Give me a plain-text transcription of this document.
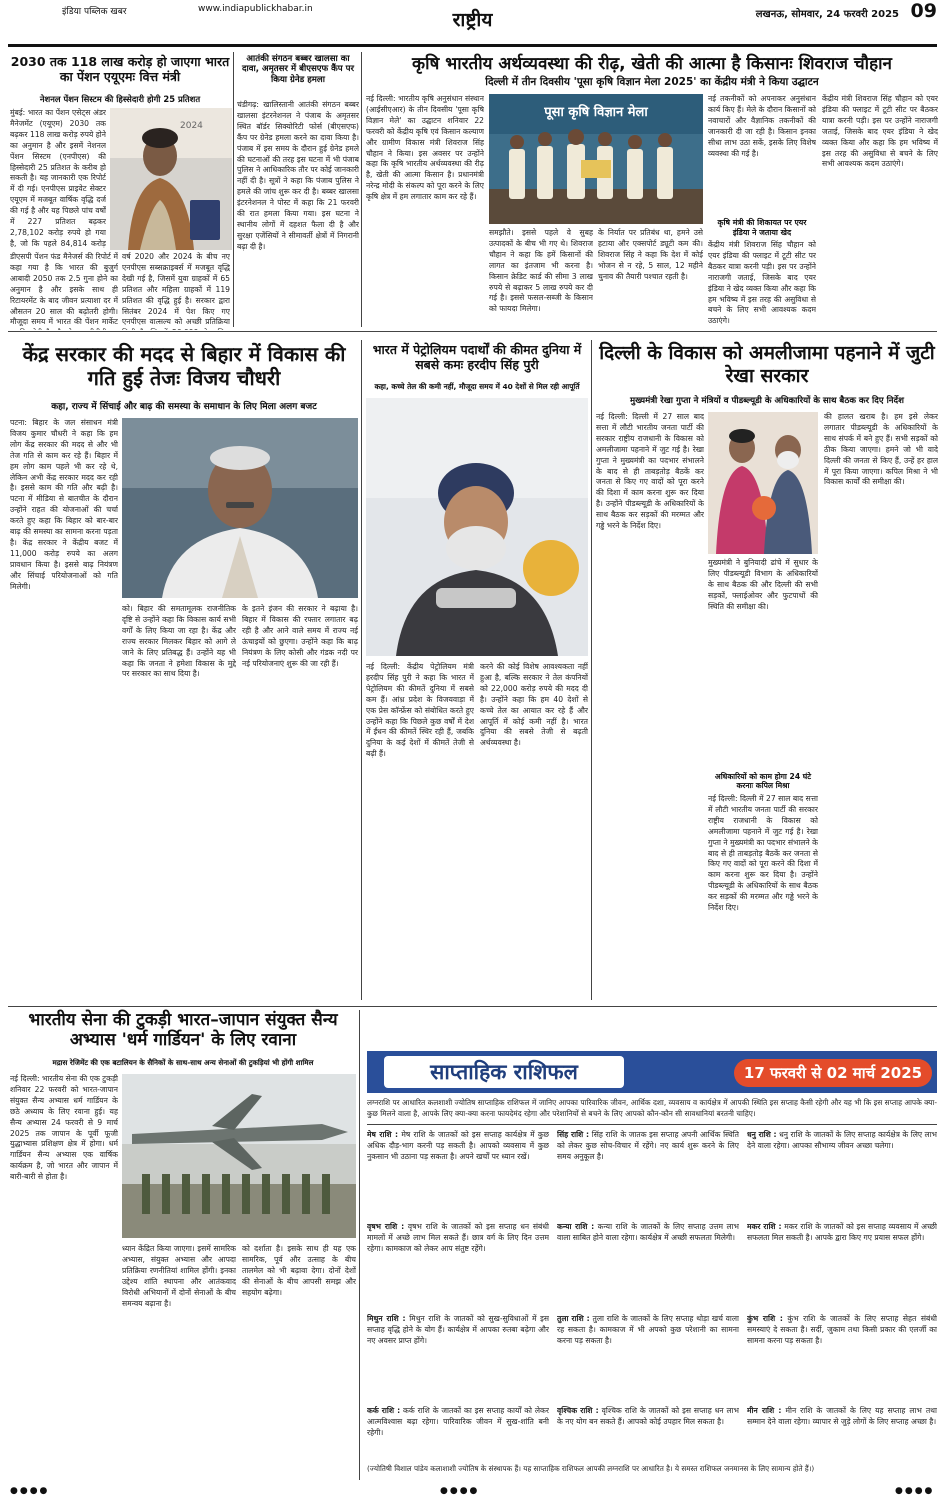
इंडिया पब्लिक खबर	www.indiapublickhabar.in	राष्ट्रीय	लखनऊ, सोमवार, 24 फरवरी 2025 09
2030 तक 118 लाख करोड़ हो जाएगा भारत का पेंशन एयूएमः वित्त मंत्री
नेशनल पेंशन सिस्टम की हिस्सेदारी होगी 25 प्रतिशत
2024
मुंबई: भारत का पेंशन एसेट्स अंडर मैनेजमेंट (एयूएम) 2030 तक बढ़कर 118 लाख करोड़ रुपये होने का अनुमान है और इसमें नेशनल पेंशन सिस्टम (एनपीएस) की हिस्सेदारी 25 प्रतिशत के करीब हो सकती है। यह जानकारी एक रिपोर्ट में दी गई। एनपीएस प्राइवेट सेक्टर एयूएम में मजबूत वार्षिक वृद्धि दर्ज की गई है और यह पिछले पांच वर्षों में 227 प्रतिशत बढ़कर 2,78,102 करोड़ रुपये हो गया है, जो कि पहले 84,814 करोड़
डीएसपी पेंशन फंड मैनेजर्स की रिपोर्ट में कहा गया है कि भारत की बुजुर्ग आबादी 2050 तक 2.5 गुना होने का अनुमान है और इसके साथ ही रिटायरमेंट के बाद जीवन प्रत्याशा दर में औसतन 20 साल की बढ़ोतरी होगी। मौजूदा समय में भारत की पेंशन मार्केट
वर्ष 2020 और 2024 के बीच नए एनपीएस सब्सक्राइबर्स में मजबूत वृद्धि देखी गई है, जिसमें युवा ग्राहकों में 65 प्रतिशत और महिला ग्राहकों में 119 प्रतिशत की वृद्धि हुई है। सरकार द्वारा सितंबर 2024 में पेश किए गए एनपीएस वात्सल्य को अच्छी प्रतिक्रिया
आतंकी संगठन बब्बर खालसा का दावा, अमृतसर में बीएसएफ कैंप पर किया ग्रेनेड हमला
चंडीगढ़: खालिस्तानी आतंकी संगठन बब्बर खालसा इंटरनेशनल ने पंजाब के अमृतसर स्थित बॉर्डर सिक्योरिटी फोर्स (बीएसएफ) कैंप पर ग्रेनेड हमला करने का दावा किया है। पंजाब में इस समय के दौरान हुई ग्रेनेड हमले की घटनाओं की तरह इस घटना में भी पंजाब पुलिस ने आधिकारिक तौर पर कोई जानकारी नहीं दी है। सूत्रों ने कहा कि पंजाब पुलिस ने हमले की जांच शुरू कर दी है। बब्बर खालसा इंटरनेशनल ने पोस्ट में कहा कि 21 फरवरी की रात हमला किया गया। इस घटना ने स्थानीय लोगों में दहशत फैला दी है और सुरक्षा एजेंसियों ने सीमावर्ती क्षेत्रों में निगरानी बढ़ा दी है।
कृषि भारतीय अर्थव्यवस्था की रीढ़, खेती की आत्मा है किसानः शिवराज चौहान
दिल्ली में तीन दिवसीय 'पूसा कृषि विज्ञान मेला 2025' का केंद्रीय मंत्री ने किया उद्घाटन
नई दिल्ली: भारतीय कृषि अनुसंधान संस्थान (आईसीएआर) के तीन दिवसीय 'पूसा कृषि विज्ञान मेले' का उद्घाटन शनिवार 22 फरवरी को केंद्रीय कृषि एवं किसान कल्याण और ग्रामीण विकास मंत्री शिवराज सिंह चौहान ने किया। इस अवसर पर उन्होंने कहा कि कृषि भारतीय अर्थव्यवस्था की रीढ़ है, खेती की आत्मा किसान है। प्रधानमंत्री नरेन्द्र मोदी के संकल्प को पूरा करने के लिए कृषि क्षेत्र में हम लगातार काम कर रहे हैं।
पूसा कृषि विज्ञान मेला
समझौते। इससे पहले वे सुबह उत्पादकों के बीच भी गए थे। शिवराज चौहान ने कहा कि हमें किसानों की लागत का इंतजाम भी करना है। किसान क्रेडिट कार्ड की सीमा 3 लाख रुपये से बढ़ाकर 5 लाख रुपये कर दी गई है। इससे फसल-सब्जी के किसान को फायदा मिलेगा।
के निर्यात पर प्रतिबंध था, हमने उसे हटाया और एक्सपोर्ट ड्यूटी कम की। शिवराज सिंह ने कहा कि देश में कोई भोजन से न रहे, 5 साल, 12 महीने चुनाव की तैयारी पश्चात रहती है।
नई तकनीकों को अपनाकर अनुसंधान कार्य किए हैं। मेले के दौरान किसानों को नवाचारों और वैज्ञानिक तकनीकों की जानकारी दी जा रही है। किसान इनका सीधा लाभ उठा सकें, इसके लिए विशेष व्यवस्था की गई है।
कृषि मंत्री की शिकायत पर एयर इंडिया ने जताया खेद
केंद्रीय मंत्री शिवराज सिंह चौहान को एयर इंडिया की फ्लाइट में टूटी सीट पर बैठकर यात्रा करनी पड़ी। इस पर उन्होंने नाराजगी जताई, जिसके बाद एयर इंडिया ने खेद व्यक्त किया और कहा कि हम भविष्य में इस तरह की असुविधा से बचने के लिए सभी आवश्यक कदम उठाएंगे।
केंद्रीय मंत्री शिवराज सिंह चौहान को एयर इंडिया की फ्लाइट में टूटी सीट पर बैठकर यात्रा करनी पड़ी। इस पर उन्होंने नाराजगी जताई, जिसके बाद एयर इंडिया ने खेद व्यक्त किया और कहा कि हम भविष्य में इस तरह की असुविधा से बचने के लिए सभी आवश्यक कदम उठाएंगे।
केंद्र सरकार की मदद से बिहार में विकास की गति हुई तेजः विजय चौधरी
कहा, राज्य में सिंचाई और बाढ़ की समस्या के समाधान के लिए मिला अलग बजट
पटना: बिहार के जल संसाधन मंत्री विजय कुमार चौधरी ने कहा कि हम लोग केंद्र सरकार की मदद से और भी तेज गति से काम कर रहे हैं। बिहार में हम लोग काम पहले भी कर रहे थे, लेकिन अभी केंद्र सरकार मदद कर रही है। इससे काम की गति और बढ़ी है। पटना में मीडिया से बातचीत के दौरान उन्होंने राहत की योजनाओं की चर्चा करते हुए कहा कि बिहार को बार-बार बाढ़ की समस्या का सामना करना पड़ता है। केंद्र सरकार ने केंद्रीय बजट में 11,000 करोड़ रुपये का अलग प्रावधान किया है। इससे बाढ़ नियंत्रण और सिंचाई परियोजनाओं को गति मिलेगी।
को। बिहार की समतामूलक राजनीतिक दृष्टि से उन्होंने कहा कि विकास कार्य सभी वर्गों के लिए किया जा रहा है। केंद्र और राज्य सरकार मिलकर बिहार को आगे ले जाने के लिए प्रतिबद्ध हैं। उन्होंने यह भी कहा कि जनता ने हमेशा विकास के मुद्दे पर सरकार का साथ दिया है।
के इतने इंजन की सरकार ने बढ़ाया है। बिहार में विकास की रफ्तार लगातार बढ़ रही है और आने वाले समय में राज्य नई ऊंचाइयों को छुएगा। उन्होंने कहा कि बाढ़ नियंत्रण के लिए कोसी और गंडक नदी पर नई परियोजनाएं शुरू की जा रही हैं।
भारत में पेट्रोलियम पदार्थों की कीमत दुनिया में सबसे कमः हरदीप सिंह पुरी
कहा, कच्चे तेल की कमी नहीं, मौजूदा समय में 40 देशों से मिल रही आपूर्ति
नई दिल्ली: केंद्रीय पेट्रोलियम मंत्री हरदीप सिंह पुरी ने कहा कि भारत में पेट्रोलियम की कीमतें दुनिया में सबसे कम हैं। आंध्र प्रदेश के विजयवाड़ा में एक प्रेस कॉन्फ्रेंस को संबोधित करते हुए उन्होंने कहा कि पिछले कुछ वर्षों में देश में ईंधन की कीमतें स्थिर रही हैं, जबकि दुनिया के कई देशों में कीमतें तेजी से बढ़ी हैं।
करने की कोई विशेष आवश्यकता नहीं हुआ है, बल्कि सरकार ने तेल कंपनियों को 22,000 करोड़ रुपये की मदद दी है। उन्होंने कहा कि हम 40 देशों से कच्चे तेल का आयात कर रहे हैं और आपूर्ति में कोई कमी नहीं है। भारत दुनिया की सबसे तेजी से बढ़ती अर्थव्यवस्था है।
दिल्ली के विकास को अमलीजामा पहनाने में जुटी रेखा सरकार
मुख्यमंत्री रेखा गुप्ता ने मंत्रियों व पीडब्ल्यूडी के अधिकारियों के साथ बैठक कर दिए निर्देश
नई दिल्ली: दिल्ली में 27 साल बाद सत्ता में लौटी भारतीय जनता पार्टी की सरकार राष्ट्रीय राजधानी के विकास को अमलीजामा पहनाने में जुट गई है। रेखा गुप्ता ने मुख्यमंत्री का पदभार संभालने के बाद से ही ताबड़तोड़ बैठकें कर जनता से किए गए वादों को पूरा करने की दिशा में काम करना शुरू कर दिया है। उन्होंने पीडब्ल्यूडी के अधिकारियों के साथ बैठक कर सड़कों की मरम्मत और गड्ढे भरने के निर्देश दिए।
मुख्यमंत्री ने बुनियादी ढांचे में सुधार के लिए पीडब्ल्यूडी विभाग के अधिकारियों के साथ बैठक की और दिल्ली की सभी सड़कों, फ्लाईओवर और फुटपाथों की स्थिति की समीक्षा की।
अधिकारियों को काम होगा 24 घंटे करनाः कपिल मिश्रा
नई दिल्ली: दिल्ली में 27 साल बाद सत्ता में लौटी भारतीय जनता पार्टी की सरकार राष्ट्रीय राजधानी के विकास को अमलीजामा पहनाने में जुट गई है। रेखा गुप्ता ने मुख्यमंत्री का पदभार संभालने के बाद से ही ताबड़तोड़ बैठकें कर जनता से किए गए वादों को पूरा करने की दिशा में काम करना शुरू कर दिया है। उन्होंने पीडब्ल्यूडी के अधिकारियों के साथ बैठक कर सड़कों की मरम्मत और गड्ढे भरने के निर्देश दिए।
की हालत खराब है। हम इसे लेकर लगातार पीडब्ल्यूडी के अधिकारियों के साथ संपर्क में बने हुए हैं। सभी सड़कों को ठीक किया जाएगा। हमने जो भी वादे दिल्ली की जनता से किए हैं, उन्हें हर हाल में पूरा किया जाएगा। कपिल मिश्रा ने भी विकास कार्यों की समीक्षा की।
भारतीय सेना की टुकड़ी भारत–जापान संयुक्त सैन्य अभ्यास 'धर्म गार्डियन' के लिए रवाना
मद्रास रेजिमेंट की एक बटालियन के सैनिकों के साथ-साथ अन्य सेनाओं की टुकड़ियां भी होंगी शामिल
नई दिल्ली: भारतीय सेना की एक टुकड़ी शनिवार 22 फरवरी को भारत-जापान संयुक्त सैन्य अभ्यास धर्म गार्डियन के छठे अध्याय के लिए रवाना हुई। यह सैन्य अभ्यास 24 फरवरी से 9 मार्च 2025 तक जापान के पूर्वी फूजी युद्धाभ्यास प्रशिक्षण क्षेत्र में होगा। धर्म गार्डियन सैन्य अभ्यास एक वार्षिक कार्यक्रम है, जो भारत और जापान में बारी-बारी से होता है।
ध्यान केंद्रित किया जाएगा। इसमें सामरिक अभ्यास, संयुक्त अभ्यास और आपदा प्रतिक्रिया रणनीतियां शामिल होंगी। इनका उद्देश्य शांति स्थापना और आतंकवाद विरोधी अभियानों में दोनों सेनाओं के बीच समन्वय बढ़ाना है।
को दर्शाता है। इसके साथ ही यह एक सामरिक, पूर्व और उत्साह के बीच तालमेल को भी बढ़ावा देगा। दोनों देशों की सेनाओं के बीच आपसी समझ और सहयोग बढ़ेगा।
साप्ताहिक राशिफल	17 फरवरी से 02 मार्च 2025
लग्नराशि पर आधारित कलशाशी ज्योतिष साप्ताहिक राशिफल में जानिए आपका पारिवारिक जीवन, आर्थिक दशा, व्यवसाय व कार्यक्षेत्र में आपकी स्थिति इस सप्ताह कैसी रहेगी और यह भी कि इस सप्ताह आपके क्या-कुछ मिलने वाला है, आपके लिए क्या-क्या करना फायदेमंद रहेगा और परेशानियों से बचने के लिए आपको कौन-कौन सी सावधानियां बरतनी चाहिए।
मेष राशि : मेष राशि के जातकों को इस सप्ताह कार्यक्षेत्र में कुछ अधिक दौड़-भाग करनी पड़ सकती है। आपको व्यवसाय में कुछ नुकसान भी उठाना पड़ सकता है। अपने खर्चों पर ध्यान रखें।
वृषभ राशि : वृषभ राशि के जातकों को इस सप्ताह धन संबंधी मामलों में अच्छे लाभ मिल सकते हैं। छात्र वर्ग के लिए दिन उत्तम रहेगा। कामकाज को लेकर आप संतुष्ट रहेंगे।
मिथुन राशि : मिथुन राशि के जातकों को सुख-सुविधाओं में इस सप्ताह वृद्धि होने के योग हैं। कार्यक्षेत्र में आपका रुतबा बढ़ेगा और नए अवसर प्राप्त होंगे।
कर्क राशि : कर्क राशि के जातकों का इस सप्ताह कार्यों को लेकर आत्मविश्वास बढ़ा रहेगा। पारिवारिक जीवन में सुख-शांति बनी रहेगी।
सिंह राशि : सिंह राशि के जातक इस सप्ताह अपनी आर्थिक स्थिति को लेकर कुछ सोच-विचार में रहेंगे। नए कार्य शुरू करने के लिए समय अनुकूल है।
कन्या राशि : कन्या राशि के जातकों के लिए सप्ताह उत्तम लाभ वाला साबित होने वाला रहेगा। कार्यक्षेत्र में अच्छी सफलता मिलेगी।
तुला राशि : तुला राशि के जातकों के लिए सप्ताह थोड़ा खर्च वाला रह सकता है। कामकाज में भी अपको कुछ परेशानी का सामना करना पड़ सकता है।
वृश्चिक राशि : वृश्चिक राशि के जातकों को इस सप्ताह धन लाभ के नए योग बन सकते हैं। आपको कोई उपहार मिल सकता है।
धनु राशि : धनु राशि के जातकों के लिए सप्ताह कार्यक्षेत्र के लिए लाभ देने वाला रहेगा। आपका सौभाग्य जीवन अच्छा चलेगा।
मकर राशि : मकर राशि के जातकों को इस सप्ताह व्यवसाय में अच्छी सफलता मिल सकती है। आपके द्वारा किए गए प्रयास सफल होंगे।
कुंभ राशि : कुंभ राशि के जातकों के लिए सप्ताह सेहत संबंधी समस्याएं दे सकता है। सर्दी, जुकाम तथा किसी प्रकार की एलर्जी का सामना करना पड़ सकता है।
मीन राशि : मीन राशि के जातकों के लिए यह सप्ताह लाभ तथा सम्मान देने वाला रहेगा। व्यापार से जुड़े लोगों के लिए सप्ताह अच्छा है।
(ज्योतिषी विशाल पांडेय कलाशाशी ज्योतिष के संस्थापक हैं। यह साप्ताहिक राशिफल आपकी लग्नराशि पर आधारित है। ये समस्त राशिफल जनमानस के लिए सामान्य होते हैं।)
●●●●	●●●●	●●●●
